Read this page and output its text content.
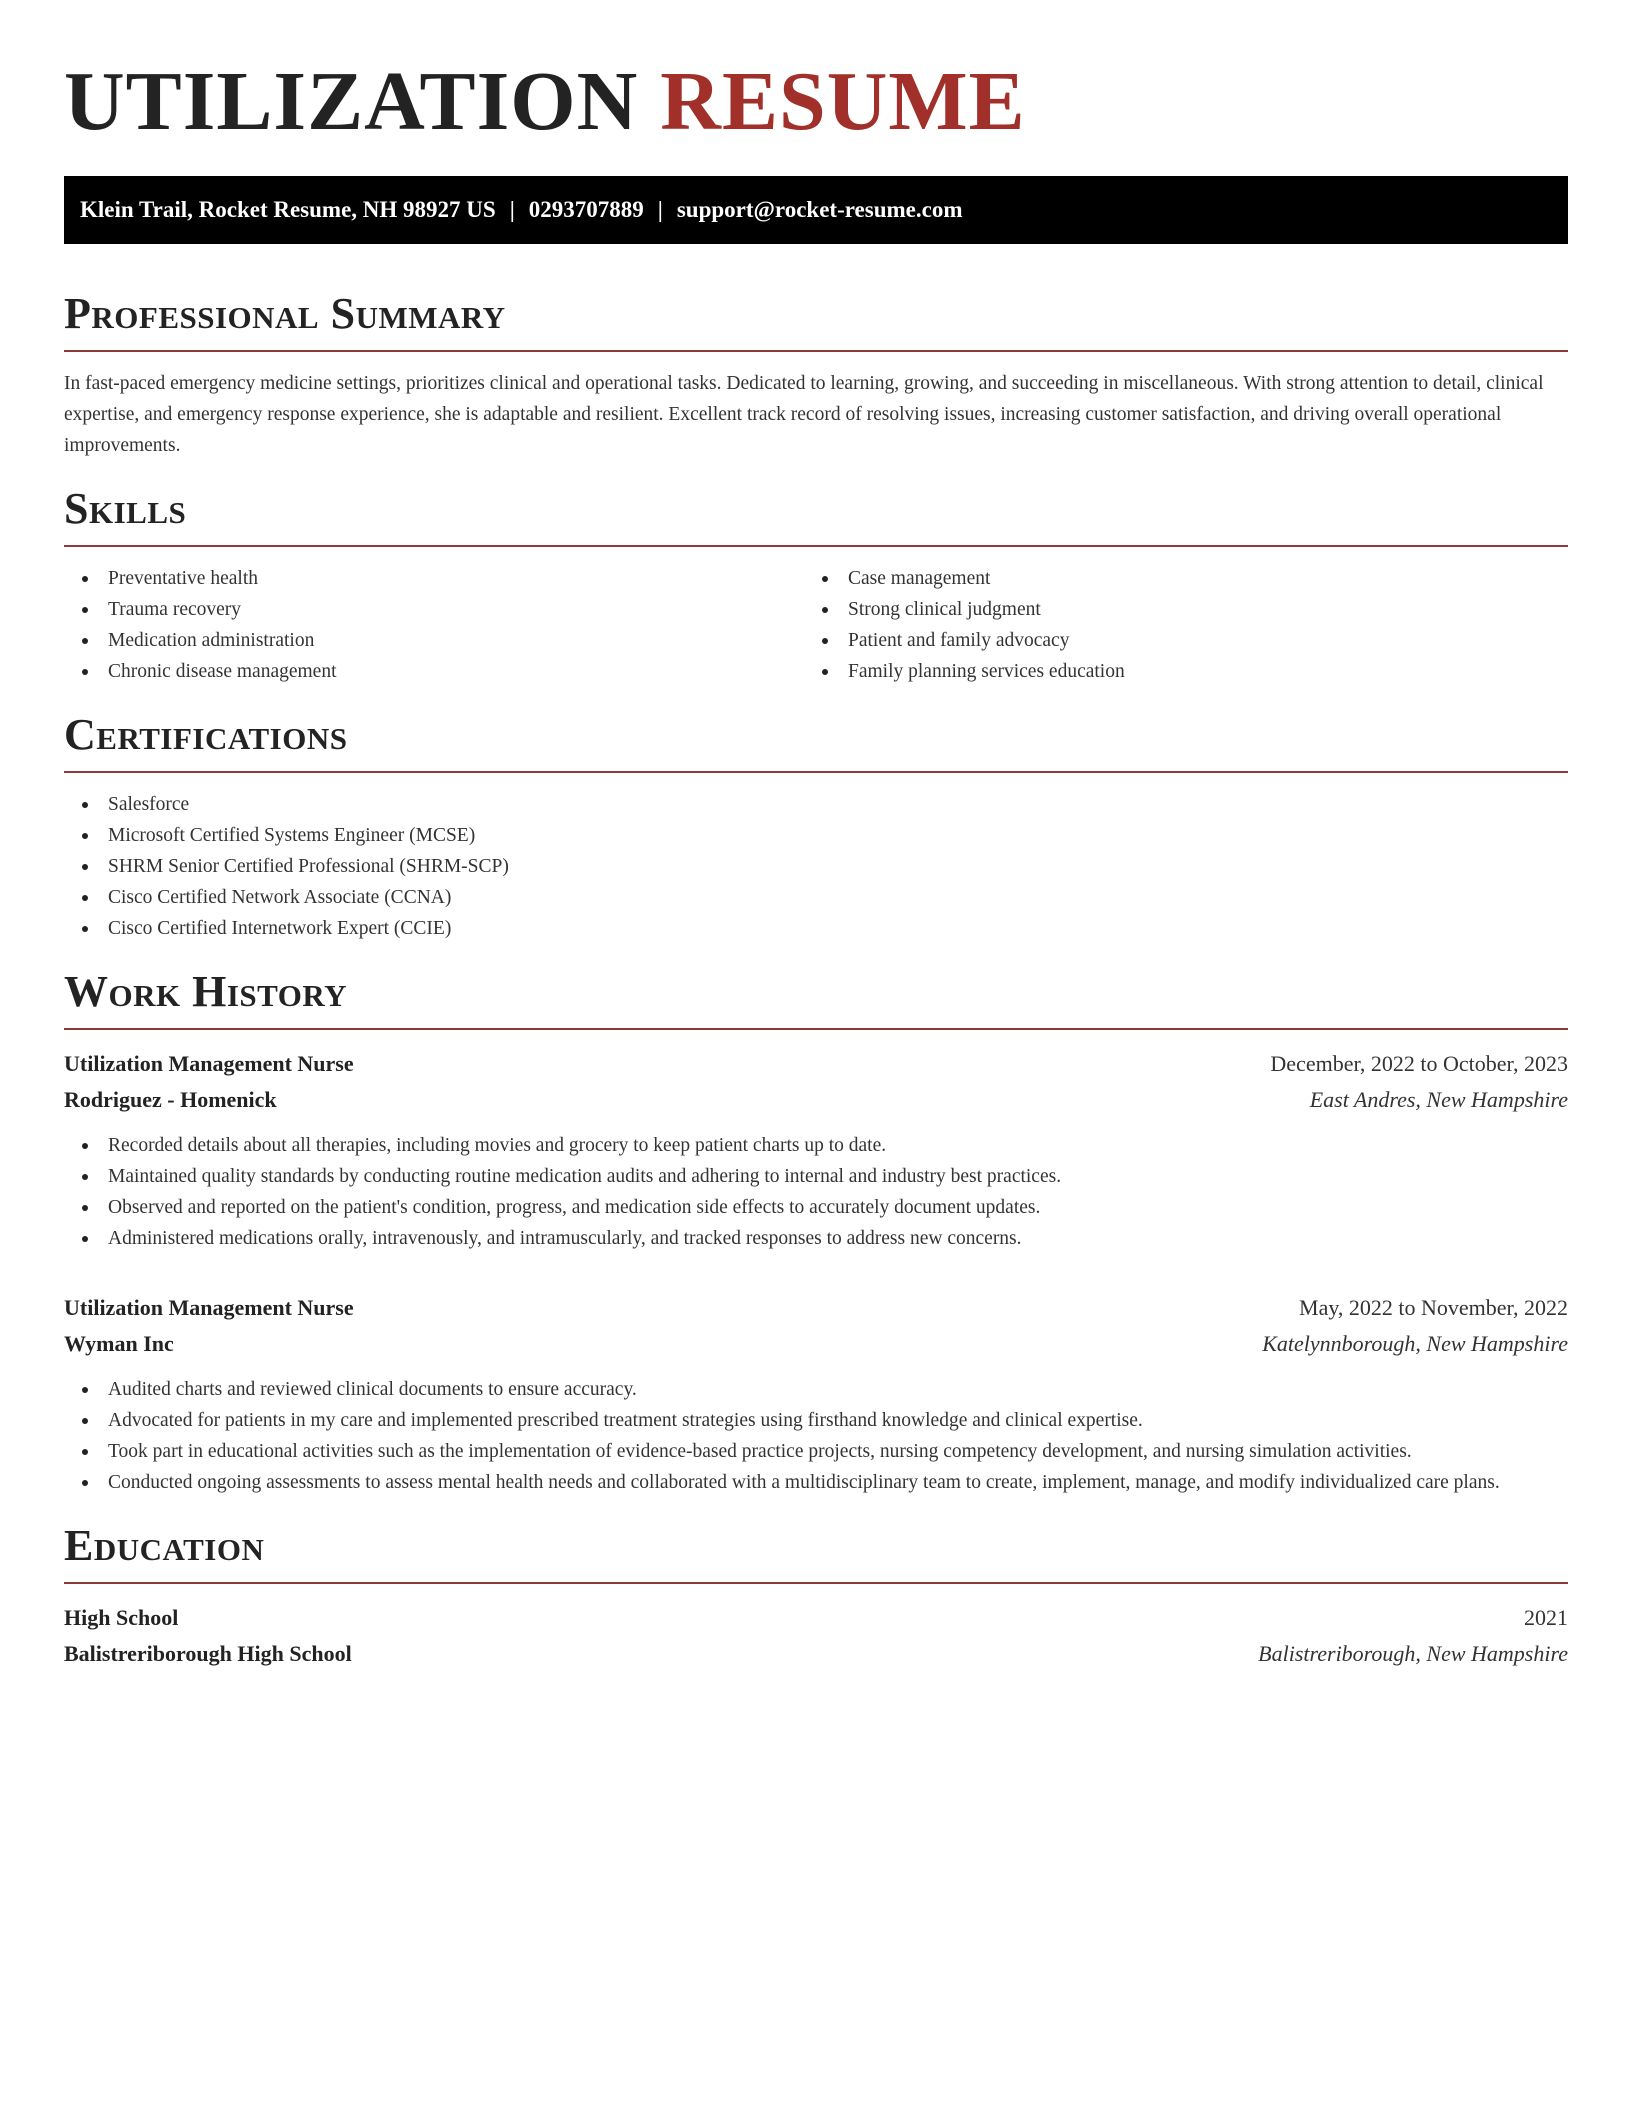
UTILIZATION RESUME
Klein Trail, Rocket Resume, NH 98927 US | 0293707889 | support@rocket-resume.com
Professional Summary

In fast-paced emergency medicine settings, prioritizes clinical and operational tasks. Dedicated to learning, growing, and succeeding in miscellaneous. With strong attention to detail, clinical expertise, and emergency response experience, she is adaptable and resilient. Excellent track record of resolving issues, increasing customer satisfaction, and driving overall operational improvements.

Skills
Preventative health
Trauma recovery
Medication administration
Chronic disease management
Case management
Strong clinical judgment
Patient and family advocacy
Family planning services education
Certifications
Salesforce
Microsoft Certified Systems Engineer (MCSE)
SHRM Senior Certified Professional (SHRM-SCP)
Cisco Certified Network Associate (CCNA)
Cisco Certified Internetwork Expert (CCIE)
Work History
Utilization Management Nurse	December, 2022 to October, 2023
Rodriguez - Homenick	East Andres, New Hampshire
Recorded details about all therapies, including movies and grocery to keep patient charts up to date.
Maintained quality standards by conducting routine medication audits and adhering to internal and industry best practices.
Observed and reported on the patient's condition, progress, and medication side effects to accurately document updates.
Administered medications orally, intravenously, and intramuscularly, and tracked responses to address new concerns.
Utilization Management Nurse	May, 2022 to November, 2022
Wyman Inc	Katelynnborough, New Hampshire
Audited charts and reviewed clinical documents to ensure accuracy.
Advocated for patients in my care and implemented prescribed treatment strategies using firsthand knowledge and clinical expertise.
Took part in educational activities such as the implementation of evidence-based practice projects, nursing competency development, and nursing simulation activities.
Conducted ongoing assessments to assess mental health needs and collaborated with a multidisciplinary team to create, implement, manage, and modify individualized care plans.
Education
High School	2021
Balistreriborough High School	Balistreriborough, New Hampshire
